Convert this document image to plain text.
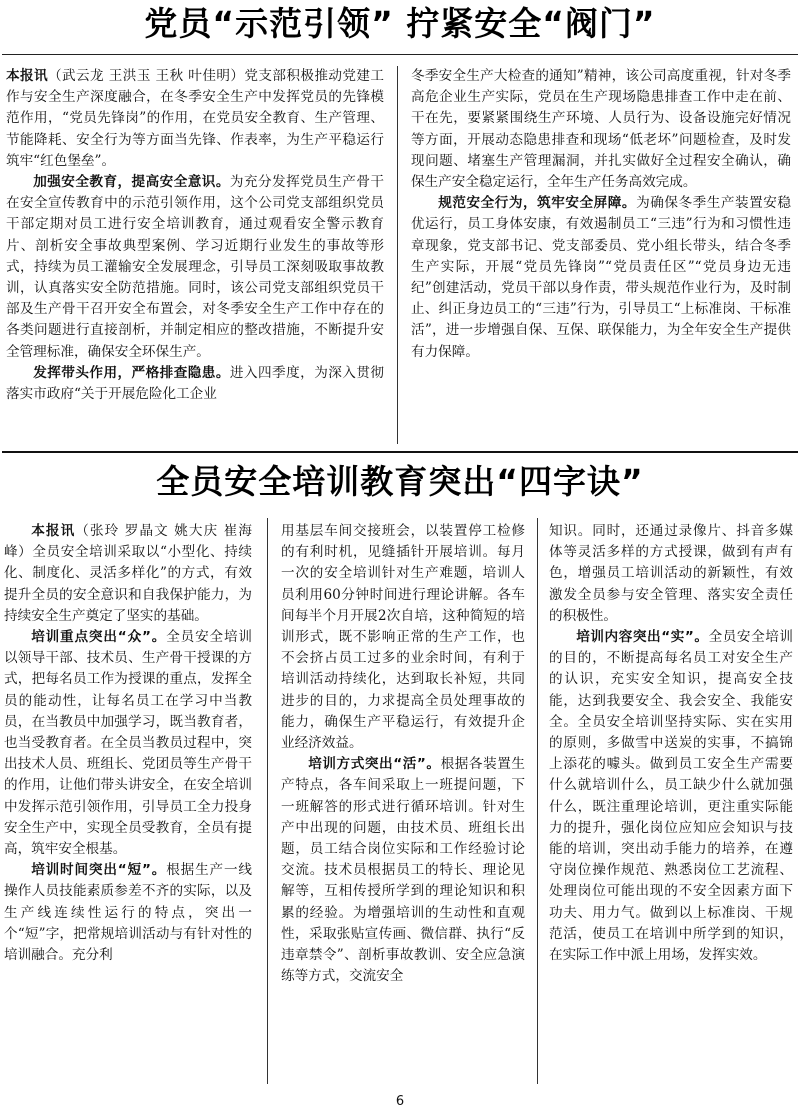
党员“示范引领” 拧紧安全“阀门”

本报讯（武云龙 王洪玉 王秋 叶佳明）党支部积极推动党建工作与安全生产深度融合，在冬季安全生产中发挥党员的先锋模范作用，“党员先锋岗”的作用，在党员安全教育、生产管理、节能降耗、安全行为等方面当先锋、作表率，为生产平稳运行筑牢“红色堡垒”。

加强安全教育，提高安全意识。为充分发挥党员生产骨干在安全宣传教育中的示范引领作用，这个公司党支部组织党员干部定期对员工进行安全培训教育，通过观看安全警示教育片、剖析安全事故典型案例、学习近期行业发生的事故等形式，持续为员工灌输安全发展理念，引导员工深刻吸取事故教训，认真落实安全防范措施。同时，该公司党支部组织党员干部及生产骨干召开安全布置会，对冬季安全生产工作中存在的各类问题进行直接剖析，并制定相应的整改措施，不断提升安全管理标准，确保安全环保生产。

发挥带头作用，严格排查隐患。进入四季度，为深入贯彻落实市政府“关于开展危险化工企业

冬季安全生产大检查的通知”精神，该公司高度重视，针对冬季高危企业生产实际，党员在生产现场隐患排查工作中走在前、干在先，要紧紧围绕生产环境、人员行为、设备设施完好情况等方面，开展动态隐患排查和现场“低老坏”问题检查，及时发现问题、堵塞生产管理漏洞，并扎实做好全过程安全确认，确保生产安全稳定运行，全年生产任务高效完成。

规范安全行为，筑牢安全屏障。为确保冬季生产装置安稳优运行，员工身体安康，有效遏制员工“三违”行为和习惯性违章现象，党支部书记、党支部委员、党小组长带头，结合冬季生产实际，开展“党员先锋岗”“党员责任区”“党员身边无违纪”创建活动，党员干部以身作责，带头规范作业行为，及时制止、纠正身边员工的“三违”行为，引导员工“上标准岗、干标准活”，进一步增强自保、互保、联保能力，为全年安全生产提供有力保障。

全员安全培训教育突出“四字诀”

本报讯（张玲 罗晶文 姚大庆 崔海峰）全员安全培训采取以“小型化、持续化、制度化、灵活多样化”的方式，有效提升全员的安全意识和自我保护能力，为持续安全生产奠定了坚实的基础。

培训重点突出“众”。全员安全培训以领导干部、技术员、生产骨干授课的方式，把每名员工作为授课的重点，发挥全员的能动性，让每名员工在学习中当教员，在当教员中加强学习，既当教育者，也当受教育者。在全员当教员过程中，突出技术人员、班组长、党团员等生产骨干的作用，让他们带头讲安全，在安全培训中发挥示范引领作用，引导员工全力投身安全生产中，实现全员受教育，全员有提高，筑牢安全根基。

培训时间突出“短”。根据生产一线操作人员技能素质参差不齐的实际，以及生产线连续性运行的特点，突出一个“短”字，把常规培训活动与有针对性的培训融合。充分利

用基层车间交接班会，以装置停工检修的有利时机，见缝插针开展培训。每月一次的安全培训针对生产难题，培训人员利用60分钟时间进行理论讲解。各车间每半个月开展2次自培，这种简短的培训形式，既不影响正常的生产工作，也不会挤占员工过多的业余时间，有利于培训活动持续化，达到取长补短，共同进步的目的，力求提高全员处理事故的能力，确保生产平稳运行，有效提升企业经济效益。

培训方式突出“活”。根据各装置生产特点，各车间采取上一班提问题，下一班解答的形式进行循环培训。针对生产中出现的问题，由技术员、班组长出题，员工结合岗位实际和工作经验讨论交流。技术员根据员工的特长、理论见解等，互相传授所学到的理论知识和积累的经验。为增强培训的生动性和直观性，采取张贴宣传画、微信群、执行“反违章禁令”、剖析事故教训、安全应急演练等方式，交流安全

知识。同时，还通过录像片、抖音多媒体等灵活多样的方式授课，做到有声有色，增强员工培训活动的新颖性，有效激发全员参与安全管理、落实安全责任的积极性。

培训内容突出“实”。全员安全培训的目的，不断提高每名员工对安全生产的认识，充实安全知识，提高安全技能，达到我要安全、我会安全、我能安全。全员安全培训坚持实际、实在实用的原则，多做雪中送炭的实事，不搞锦上添花的噱头。做到员工安全生产需要什么就培训什么，员工缺少什么就加强什么，既注重理论培训，更注重实际能力的提升，强化岗位应知应会知识与技能的培训，突出动手能力的培养，在遵守岗位操作规范、熟悉岗位工艺流程、处理岗位可能出现的不安全因素方面下功夫、用力气。做到以上标准岗、干规范活，使员工在培训中所学到的知识，在实际工作中派上用场，发挥实效。

6
